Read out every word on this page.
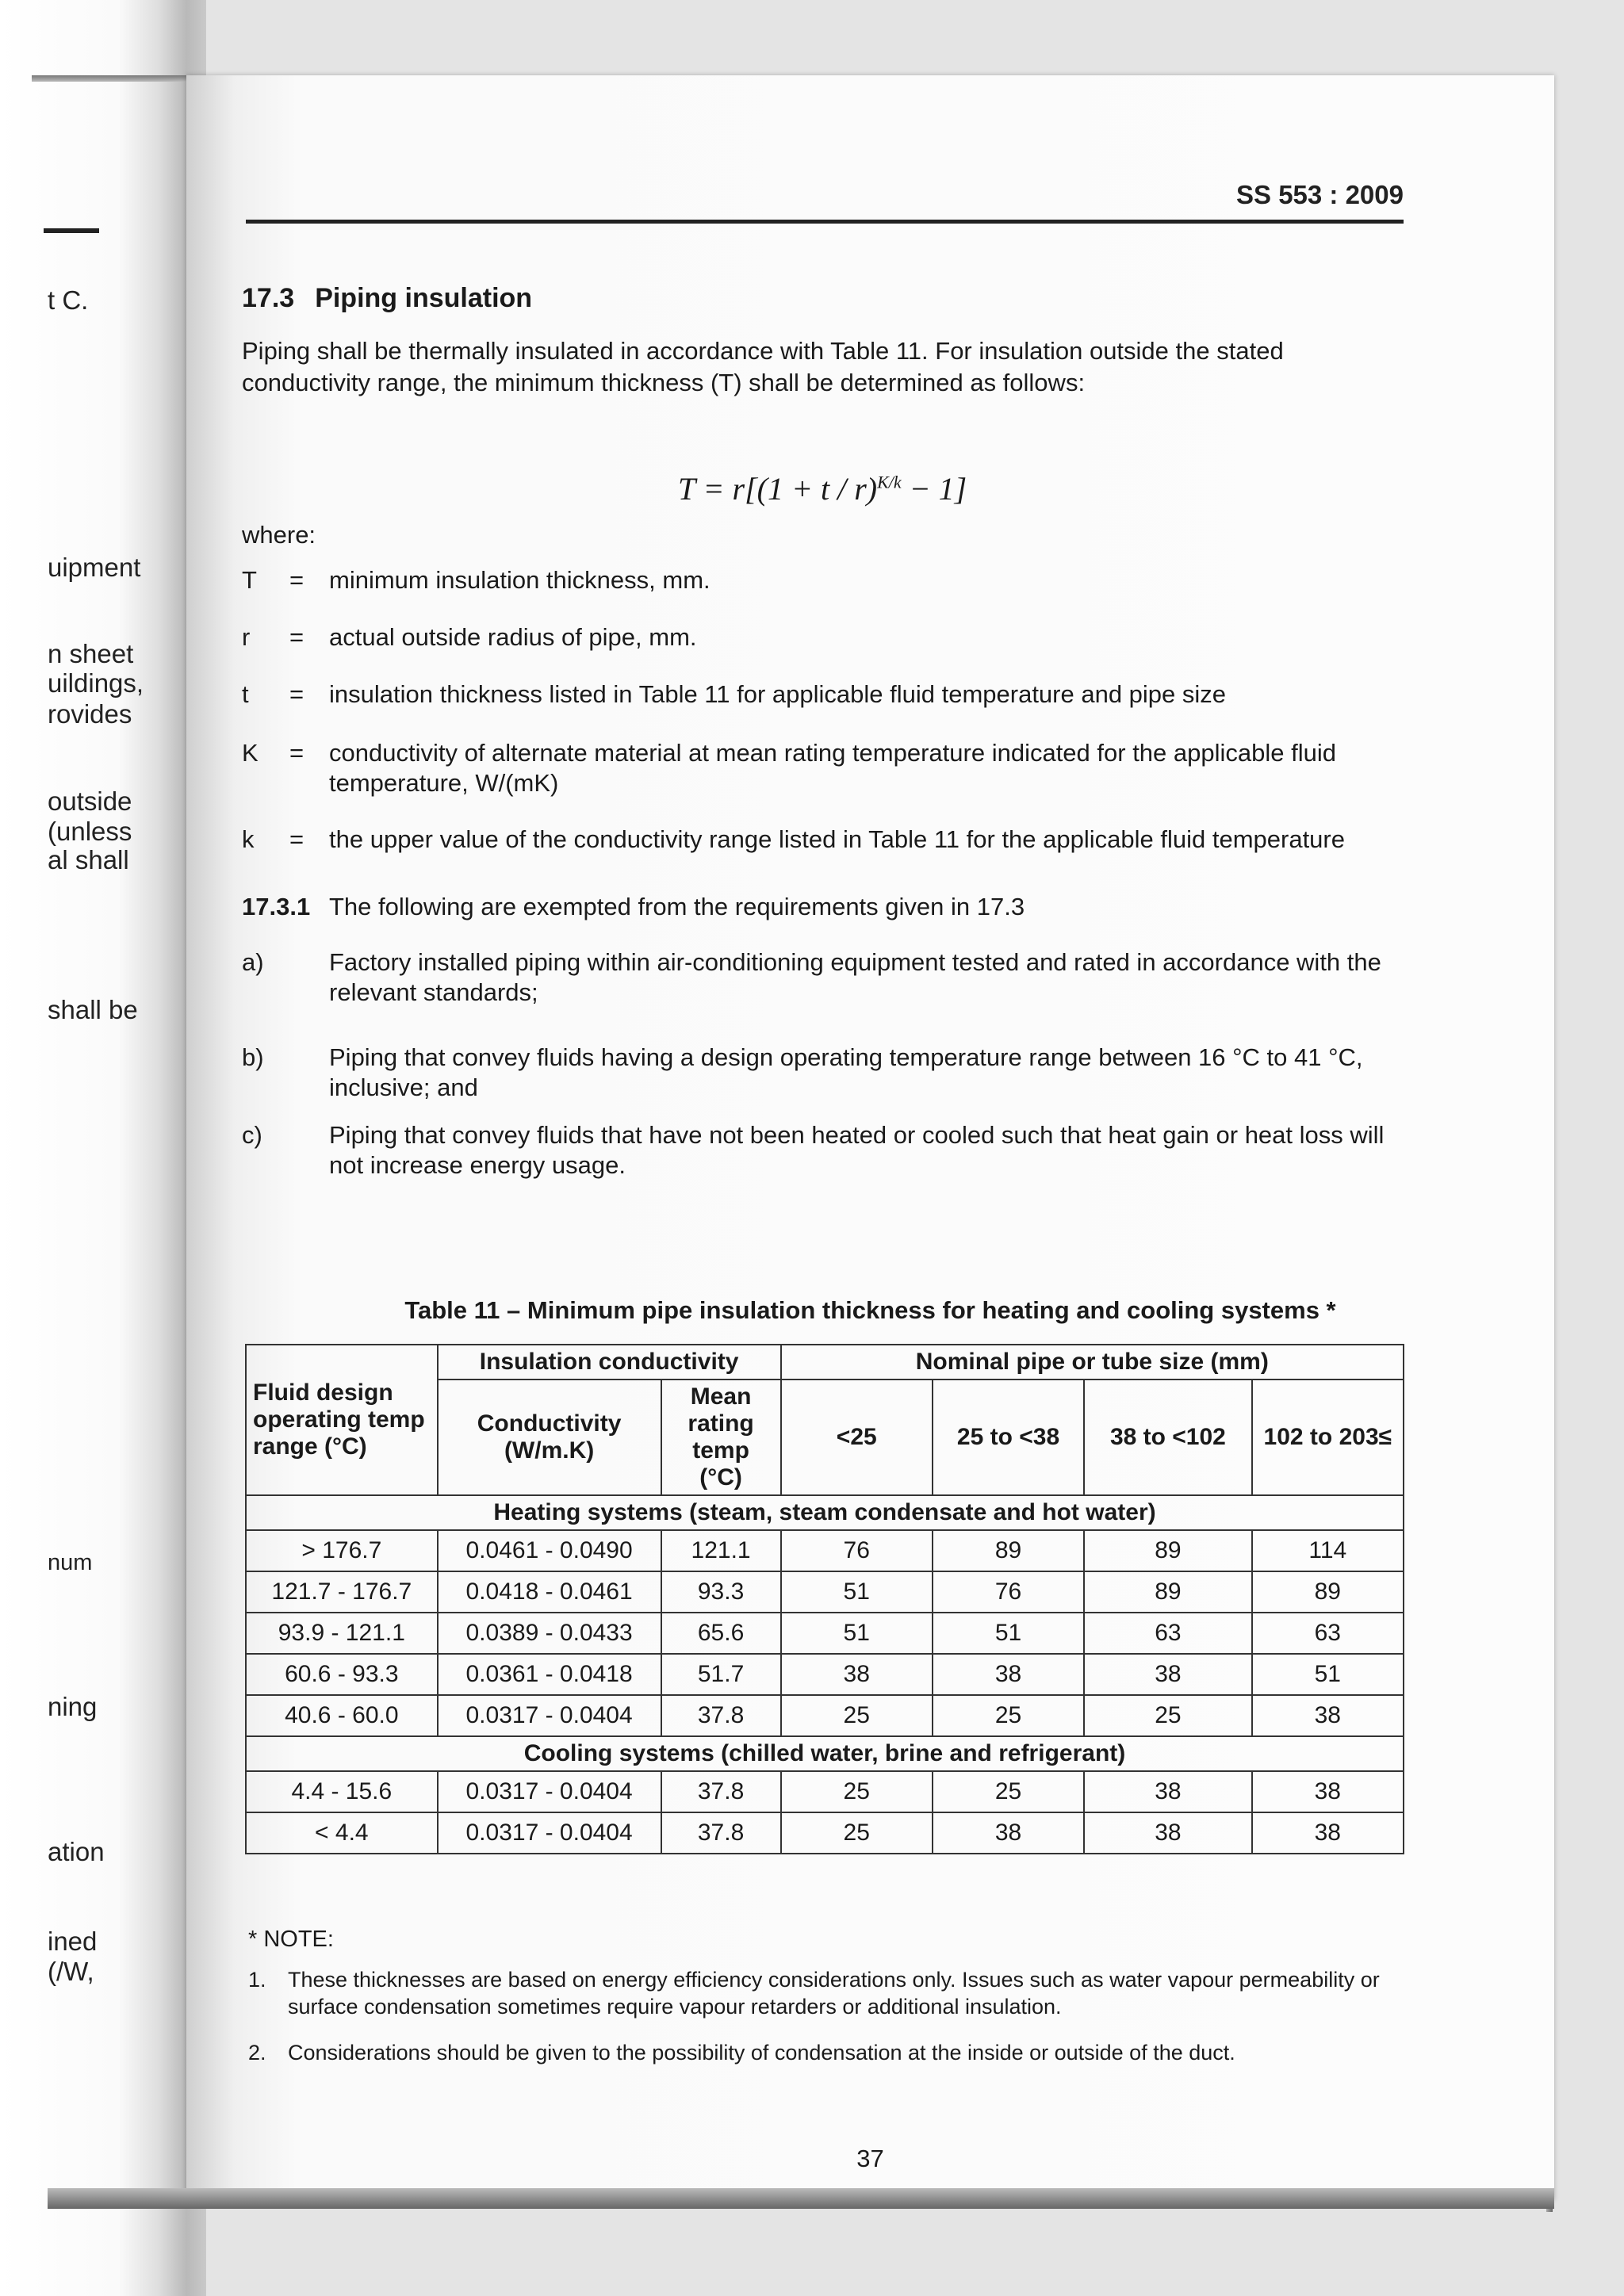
t C.
uipment
n sheet
uildings,
rovides
outside
(unless
al shall
shall be
num
ning
ation
ined
(/W,
SS 553 : 2009
17.3 Piping insulation
Piping shall be thermally insulated in accordance with Table 11. For insulation outside the stated conductivity range, the minimum thickness (T) shall be determined as follows:
$T = r[(1 + t / r)^{K/k} - 1]$
where:
T	= minimum insulation thickness, mm.
r	= actual outside radius of pipe, mm.
t	= insulation thickness listed in Table 11 for applicable fluid temperature and pipe size
K	= conductivity of alternate material at mean rating temperature indicated for the applicable fluid temperature, W/(mK)
k	= the upper value of the conductivity range listed in Table 11 for the applicable fluid temperature
17.3.1 The following are exempted from the requirements given in 17.3
a)	Factory installed piping within air-conditioning equipment tested and rated in accordance with the relevant standards;
b)	Piping that convey fluids having a design operating temperature range between 16 °C to 41 °C, inclusive; and
c)	Piping that convey fluids that have not been heated or cooled such that heat gain or heat loss will not increase energy usage.
Table 11 – Minimum pipe insulation thickness for heating and cooling systems *
Fluid design operating temp range (°C)	Insulation conductivity		Nominal pipe or tube size (mm)			
	Conductivity (W/m.K)	Mean rating temp (°C)	<25	25 to <38	38 to <102	102 to 203≤
Heating systems (steam, steam condensate and hot water)						
> 176.7	0.0461 - 0.0490	121.1	76	89	89	114
121.7 - 176.7	0.0418 - 0.0461	93.3	51	76	89	89
93.9 - 121.1	0.0389 - 0.0433	65.6	51	51	63	63
60.6 - 93.3	0.0361 - 0.0418	51.7	38	38	38	51
40.6 - 60.0	0.0317 - 0.0404	37.8	25	25	25	38
Cooling systems (chilled water, brine and refrigerant)						
4.4 - 15.6	0.0317 - 0.0404	37.8	25	25	38	38
< 4.4	0.0317 - 0.0404	37.8	25	38	38	38
* NOTE:
1. These thicknesses are based on energy efficiency considerations only. Issues such as water vapour permeability or surface condensation sometimes require vapour retarders or additional insulation.
2. Considerations should be given to the possibility of condensation at the inside or outside of the duct.
37
